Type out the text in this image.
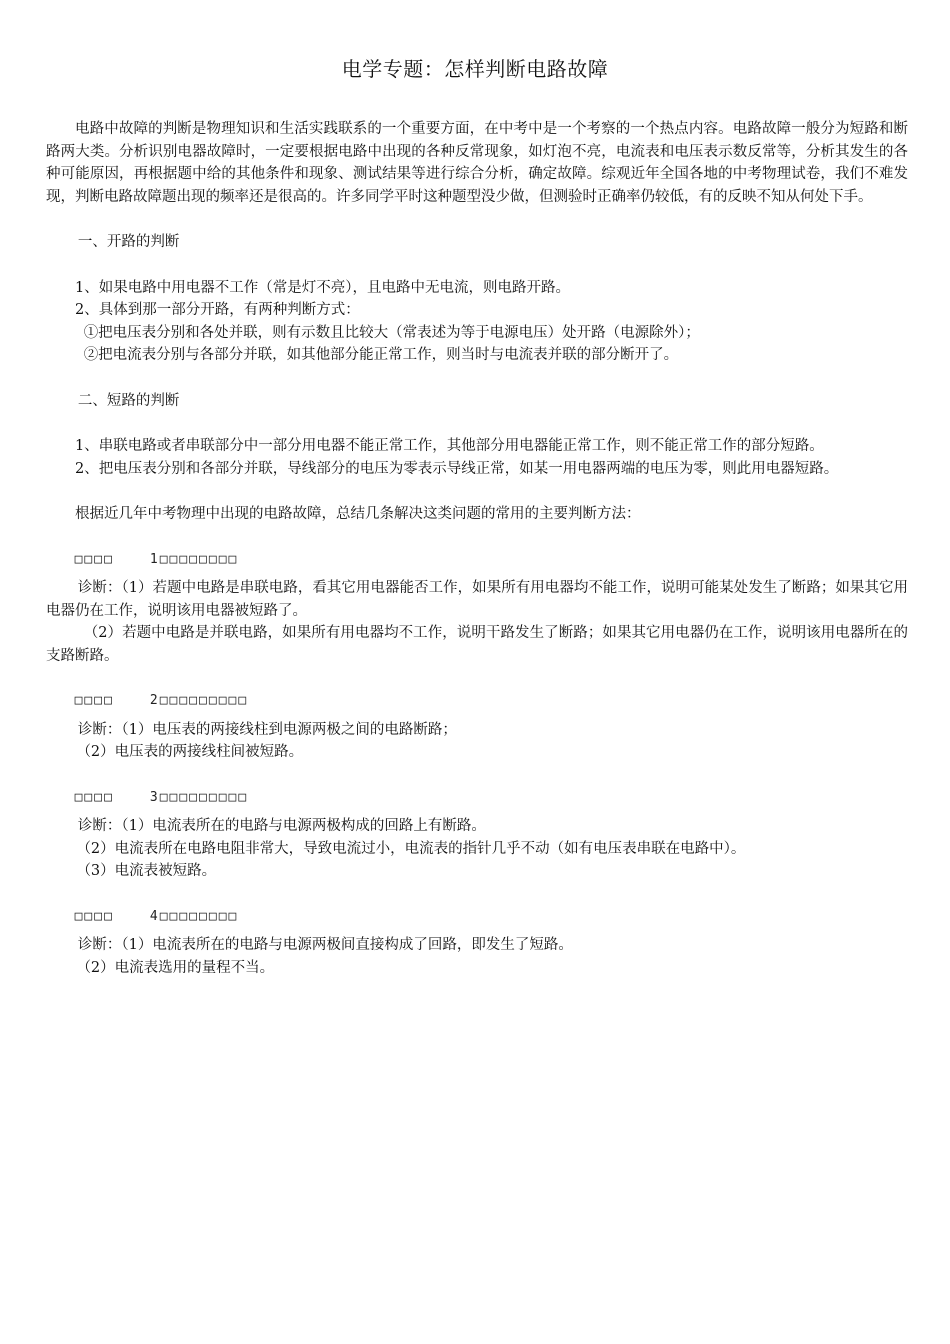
电学专题：怎样判断电路故障

电路中故障的判断是物理知识和生活实践联系的一个重要方面，在中考中是一个考察的一个热点内容。电路故障一般分为短路和断路两大类。分析识别电器故障时，一定要根据电路中出现的各种反常现象，如灯泡不亮，电流表和电压表示数反常等，分析其发生的各种可能原因，再根据题中给的其他条件和现象、测试结果等进行综合分析，确定故障。综观近年全国各地的中考物理试卷，我们不难发现，判断电路故障题出现的频率还是很高的。许多同学平时这种题型没少做，但测验时正确率仍较低，有的反映不知从何处下手。

一、开路的判断

1、如果电路中用电器不工作（常是灯不亮），且电路中无电流，则电路开路。

2、具体到那一部分开路，有两种判断方式：

①把电压表分别和各处并联，则有示数且比较大（常表述为等于电源电压）处开路（电源除外）；

②把电流表分别与各部分并联，如其他部分能正常工作，则当时与电流表并联的部分断开了。

二、短路的判断

1、串联电路或者串联部分中一部分用电器不能正常工作，其他部分用电器能正常工作，则不能正常工作的部分短路。

2、把电压表分别和各部分并联，导线部分的电压为零表示导线正常，如某一用电器两端的电压为零，则此用电器短路。

根据近几年中考物理中出现的电路故障，总结几条解决这类问题的常用的主要判断方法：

□□□□	1□□□□□□□□

诊断：（1）若题中电路是串联电路，看其它用电器能否工作，如果所有用电器均不能工作，说明可能某处发生了断路；如果其它用电器仍在工作，说明该用电器被短路了。

（2）若题中电路是并联电路，如果所有用电器均不工作，说明干路发生了断路；如果其它用电器仍在工作，说明该用电器所在的支路断路。

□□□□	2□□□□□□□□□

诊断：（1）电压表的两接线柱到电源两极之间的电路断路；

（2）电压表的两接线柱间被短路。

□□□□	3□□□□□□□□□

诊断：（1）电流表所在的电路与电源两极构成的回路上有断路。

（2）电流表所在电路电阻非常大，导致电流过小，电流表的指针几乎不动（如有电压表串联在电路中）。

（3）电流表被短路。

□□□□	4□□□□□□□□

诊断：（1）电流表所在的电路与电源两极间直接构成了回路，即发生了短路。

（2）电流表选用的量程不当。
